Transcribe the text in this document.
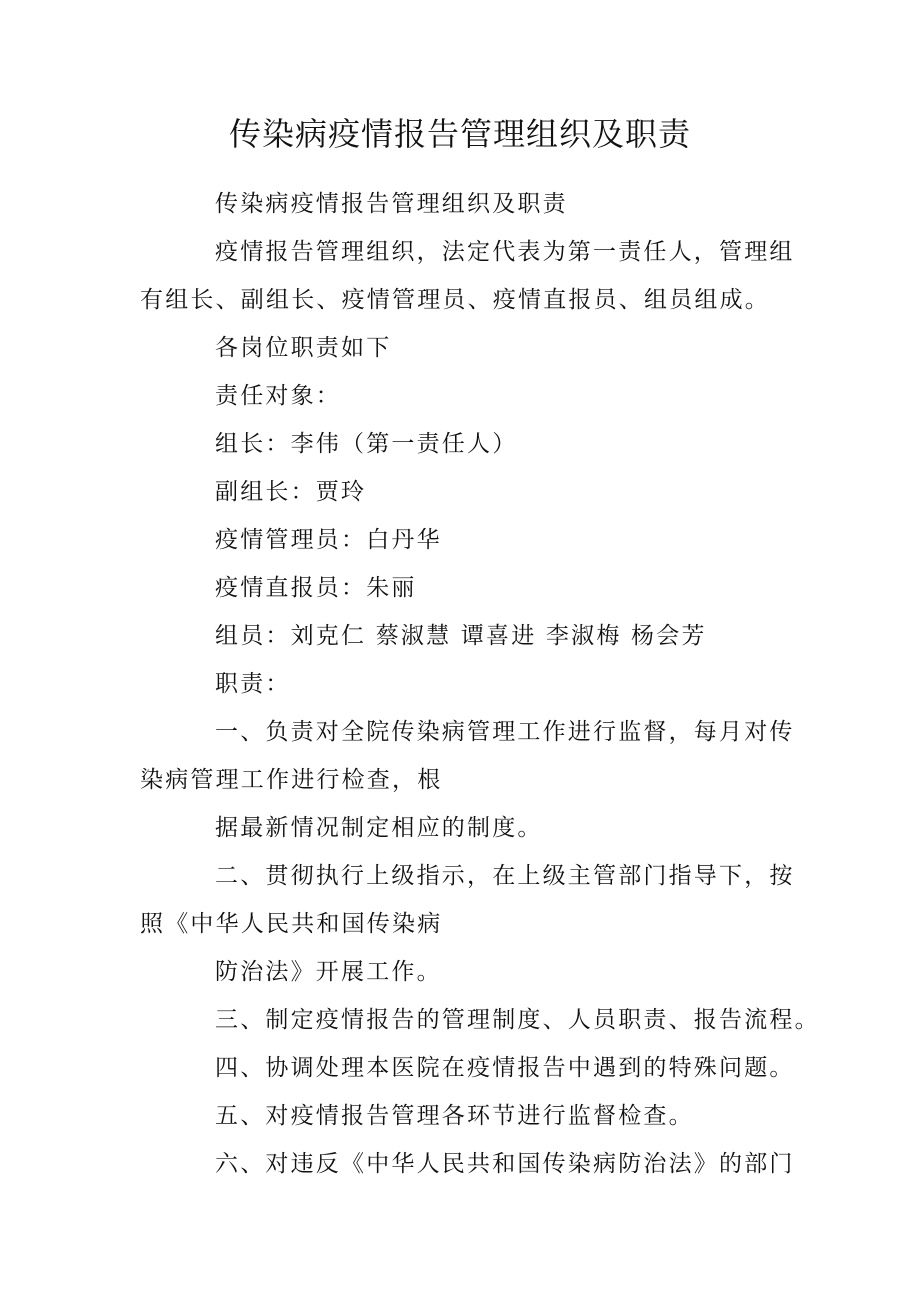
传染病疫情报告管理组织及职责

传染病疫情报告管理组织及职责

疫情报告管理组织，法定代表为第一责任人，管理组

有组长、副组长、疫情管理员、疫情直报员、组员组成。

各岗位职责如下

责任对象：

组长：李伟（第一责任人）

副组长：贾玲

疫情管理员：白丹华

疫情直报员：朱丽

组员：刘克仁 蔡淑慧 谭喜进 李淑梅 杨会芳

职责：

一、负责对全院传染病管理工作进行监督，每月对传

染病管理工作进行检查，根

据最新情况制定相应的制度。

二、贯彻执行上级指示，在上级主管部门指导下，按

照《中华人民共和国传染病

防治法》开展工作。

三、制定疫情报告的管理制度、人员职责、报告流程。

四、协调处理本医院在疫情报告中遇到的特殊问题。

五、对疫情报告管理各环节进行监督检查。

六、对违反《中华人民共和国传染病防治法》的部门
